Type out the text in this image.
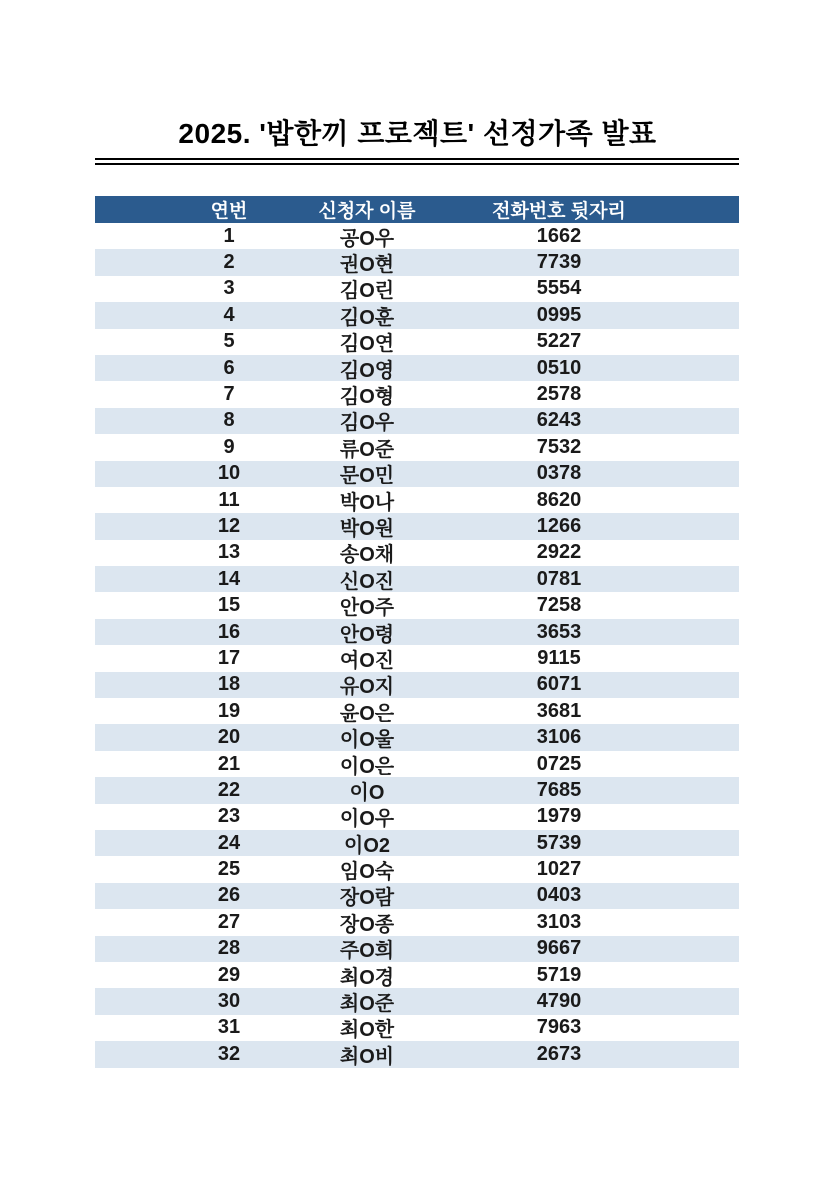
2025. '밥한끼 프로젝트' 선정가족 발표
연번	신청자 이름	전화번호 뒷자리
1	공O우	1662
2	권O현	7739
3	김O린	5554
4	김O훈	0995
5	김O연	5227
6	김O영	0510
7	김O형	2578
8	김O우	6243
9	류O준	7532
10	문O민	0378
11	박O나	8620
12	박O원	1266
13	송O채	2922
14	신O진	0781
15	안O주	7258
16	안O령	3653
17	여O진	9115
18	유O지	6071
19	윤O은	3681
20	이O울	3106
21	이O은	0725
22	이O	7685
23	이O우	1979
24	이O2	5739
25	임O숙	1027
26	장O람	0403
27	장O종	3103
28	주O희	9667
29	최O경	5719
30	최O준	4790
31	최O한	7963
32	최O비	2673
